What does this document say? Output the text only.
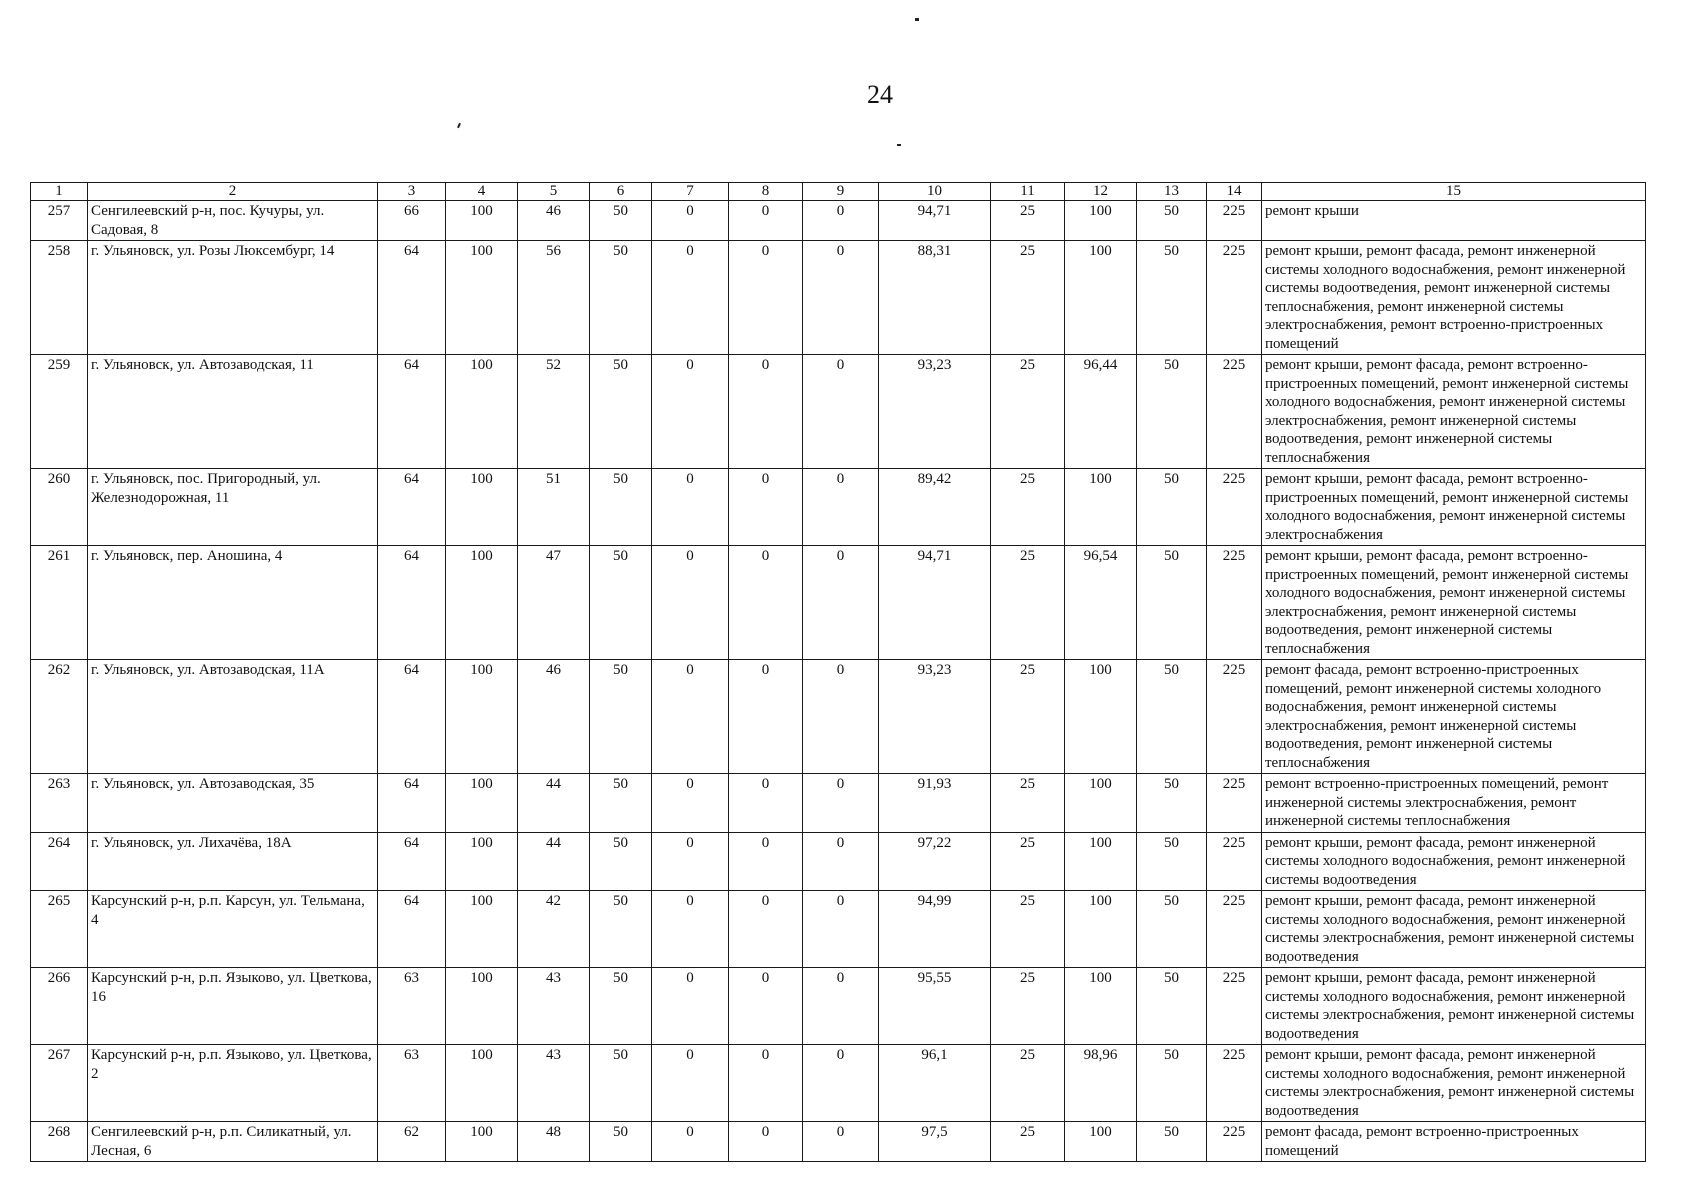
24
1	2	3	4	5	6	7	8	9	10	11	12	13	14	15
257	Сенгилеевский р-н, пос. Кучуры, ул. Садовая, 8	66	100	46	50	0	0	0	94,71	25	100	50	225	ремонт крыши
258	г. Ульяновск, ул. Розы Люксембург, 14	64	100	56	50	0	0	0	88,31	25	100	50	225	ремонт крыши, ремонт фасада, ремонт инженерной системы холодного водоснабжения, ремонт инженерной системы водоотведения, ремонт инженерной системы теплоснабжения, ремонт инженерной системы электроснабжения, ремонт встроенно-пристроенных помещений
259	г. Ульяновск, ул. Автозаводская, 11	64	100	52	50	0	0	0	93,23	25	96,44	50	225	ремонт крыши, ремонт фасада, ремонт встроенно-пристроенных помещений, ремонт инженерной системы холодного водоснабжения, ремонт инженерной системы электроснабжения, ремонт инженерной системы водоотведения, ремонт инженерной системы теплоснабжения
260	г. Ульяновск, пос. Пригородный, ул. Железнодорожная, 11	64	100	51	50	0	0	0	89,42	25	100	50	225	ремонт крыши, ремонт фасада, ремонт встроенно-пристроенных помещений, ремонт инженерной системы холодного водоснабжения, ремонт инженерной системы электроснабжения
261	г. Ульяновск, пер. Аношина, 4	64	100	47	50	0	0	0	94,71	25	96,54	50	225	ремонт крыши, ремонт фасада, ремонт встроенно-пристроенных помещений, ремонт инженерной системы холодного водоснабжения, ремонт инженерной системы электроснабжения, ремонт инженерной системы водоотведения, ремонт инженерной системы теплоснабжения
262	г. Ульяновск, ул. Автозаводская, 11А	64	100	46	50	0	0	0	93,23	25	100	50	225	ремонт фасада, ремонт встроенно-пристроенных помещений, ремонт инженерной системы холодного водоснабжения, ремонт инженерной системы электроснабжения, ремонт инженерной системы водоотведения, ремонт инженерной системы теплоснабжения
263	г. Ульяновск, ул. Автозаводская, 35	64	100	44	50	0	0	0	91,93	25	100	50	225	ремонт встроенно-пристроенных помещений, ремонт инженерной системы электроснабжения, ремонт инженерной системы теплоснабжения
264	г. Ульяновск, ул. Лихачёва, 18А	64	100	44	50	0	0	0	97,22	25	100	50	225	ремонт крыши, ремонт фасада, ремонт инженерной системы холодного водоснабжения, ремонт инженерной системы водоотведения
265	Карсунский р-н, р.п. Карсун, ул. Тельмана, 4	64	100	42	50	0	0	0	94,99	25	100	50	225	ремонт крыши, ремонт фасада, ремонт инженерной системы холодного водоснабжения, ремонт инженерной системы электроснабжения, ремонт инженерной системы водоотведения
266	Карсунский р-н, р.п. Языково, ул. Цветкова, 16	63	100	43	50	0	0	0	95,55	25	100	50	225	ремонт крыши, ремонт фасада, ремонт инженерной системы холодного водоснабжения, ремонт инженерной системы электроснабжения, ремонт инженерной системы водоотведения
267	Карсунский р-н, р.п. Языково, ул. Цветкова, 2	63	100	43	50	0	0	0	96,1	25	98,96	50	225	ремонт крыши, ремонт фасада, ремонт инженерной системы холодного водоснабжения, ремонт инженерной системы электроснабжения, ремонт инженерной системы водоотведения
268	Сенгилеевский р-н, р.п. Силикатный, ул. Лесная, 6	62	100	48	50	0	0	0	97,5	25	100	50	225	ремонт фасада, ремонт встроенно-пристроенных помещений
